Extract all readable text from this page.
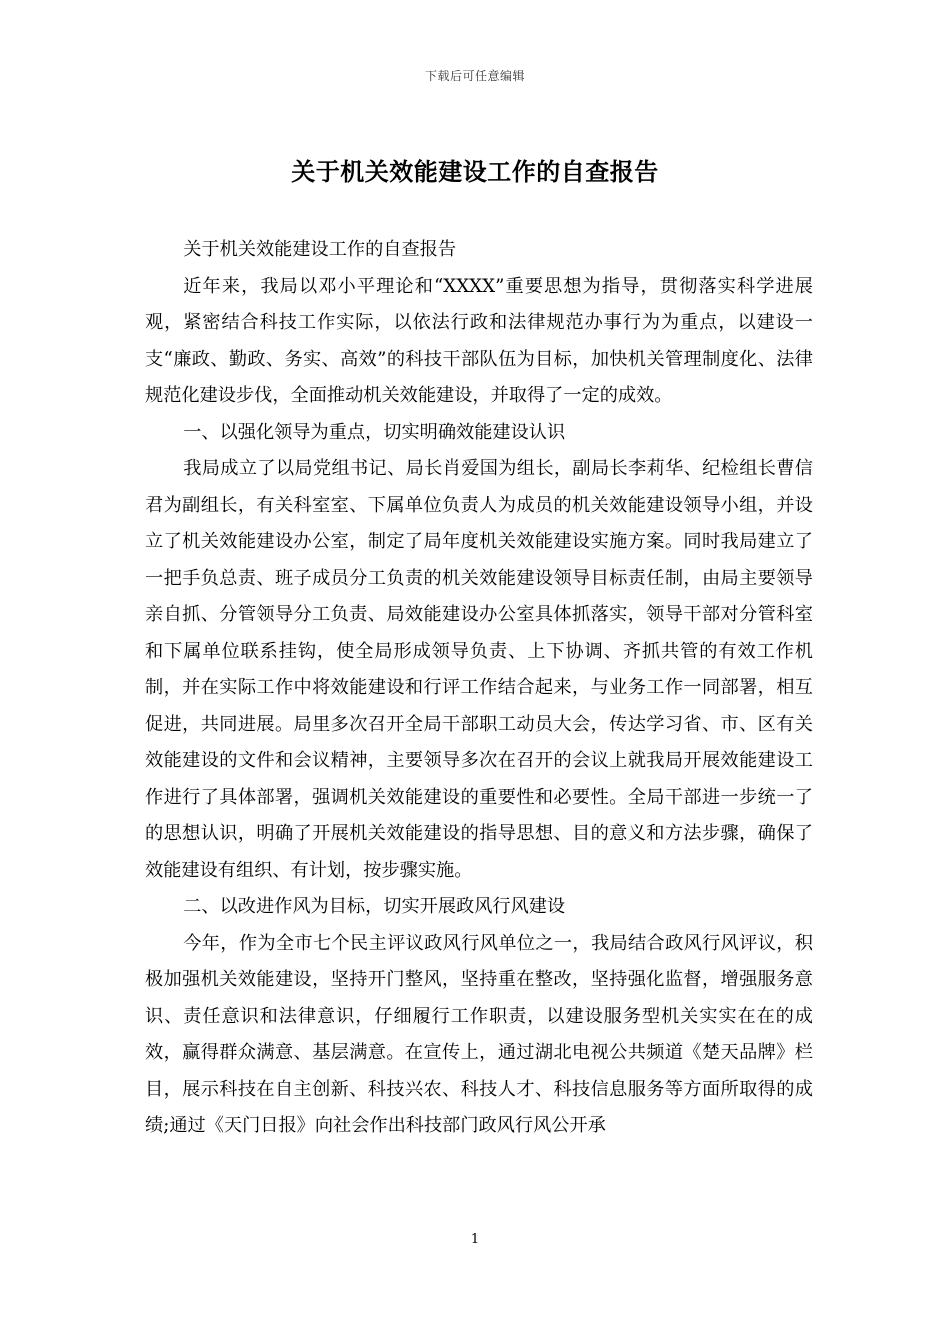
下载后可任意编辑
关于机关效能建设工作的自查报告

关于机关效能建设工作的自查报告

近年来，我局以邓小平理论和“XXXX”重要思想为指导，贯彻落实科学进展观，紧密结合科技工作实际，以依法行政和法律规范办事行为为重点，以建设一支“廉政、勤政、务实、高效”的科技干部队伍为目标，加快机关管理制度化、法律规范化建设步伐，全面推动机关效能建设，并取得了一定的成效。

一、以强化领导为重点，切实明确效能建设认识

我局成立了以局党组书记、局长肖爱国为组长，副局长李莉华、纪检组长曹信君为副组长，有关科室室、下属单位负责人为成员的机关效能建设领导小组，并设立了机关效能建设办公室，制定了局年度机关效能建设实施方案。同时我局建立了一把手负总责、班子成员分工负责的机关效能建设领导目标责任制，由局主要领导亲自抓、分管领导分工负责、局效能建设办公室具体抓落实，领导干部对分管科室和下属单位联系挂钩，使全局形成领导负责、上下协调、齐抓共管的有效工作机制，并在实际工作中将效能建设和行评工作结合起来，与业务工作一同部署，相互促进，共同进展。局里多次召开全局干部职工动员大会，传达学习省、市、区有关效能建设的文件和会议精神，主要领导多次在召开的会议上就我局开展效能建设工作进行了具体部署，强调机关效能建设的重要性和必要性。全局干部进一步统一了的思想认识，明确了开展机关效能建设的指导思想、目的意义和方法步骤，确保了效能建设有组织、有计划，按步骤实施。

二、以改进作风为目标，切实开展政风行风建设

今年，作为全市七个民主评议政风行风单位之一，我局结合政风行风评议，积极加强机关效能建设，坚持开门整风，坚持重在整改，坚持强化监督，增强服务意识、责任意识和法律意识，仔细履行工作职责，以建设服务型机关实实在在的成效，赢得群众满意、基层满意。在宣传上，通过湖北电视公共频道《楚天品牌》栏目，展示科技在自主创新、科技兴农、科技人才、科技信息服务等方面所取得的成绩;通过《天门日报》向社会作出科技部门政风行风公开承

1
